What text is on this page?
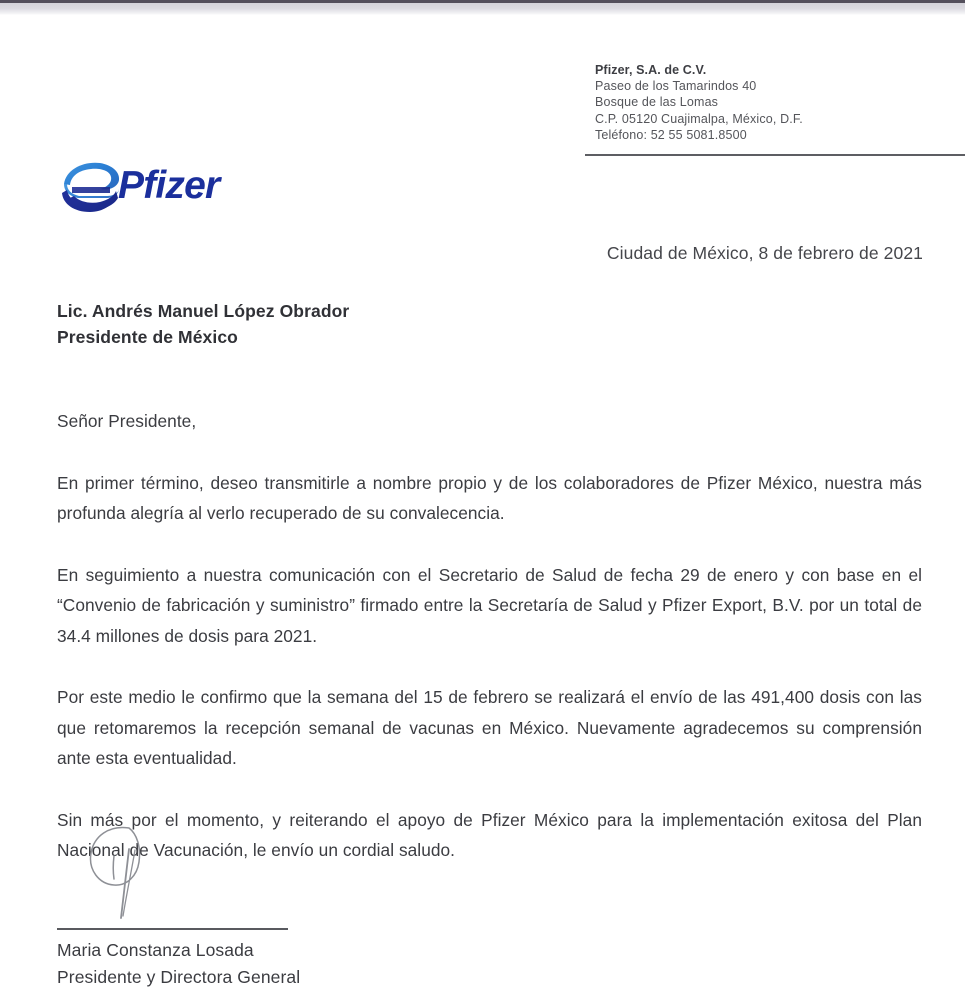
Pfizer, S.A. de C.V.
Paseo de los Tamarindos 40
Bosque de las Lomas
C.P. 05120 Cuajimalpa, México, D.F.
Teléfono: 52 55 5081.8500
Pfizer
Ciudad de México, 8 de febrero de 2021
Lic. Andrés Manuel López Obrador
Presidente de México
Señor Presidente,

En primer término, deseo transmitirle a nombre propio y de los colaboradores de Pfizer México, nuestra más profunda alegría al verlo recuperado de su convalecencia.

En seguimiento a nuestra comunicación con el Secretario de Salud de fecha 29 de enero y con base en el “Convenio de fabricación y suministro” firmado entre la Secretaría de Salud y Pfizer Export, B.V. por un total de 34.4 millones de dosis para 2021.

Por este medio le confirmo que la semana del 15 de febrero se realizará el envío de las 491,400 dosis con las que retomaremos la recepción semanal de vacunas en México. Nuevamente agradecemos su comprensión ante esta eventualidad.

Sin más por el momento, y reiterando el apoyo de Pfizer México para la implementación exitosa del Plan Nacional de Vacunación, le envío un cordial saludo.

Maria Constanza Losada
Presidente y Directora General
